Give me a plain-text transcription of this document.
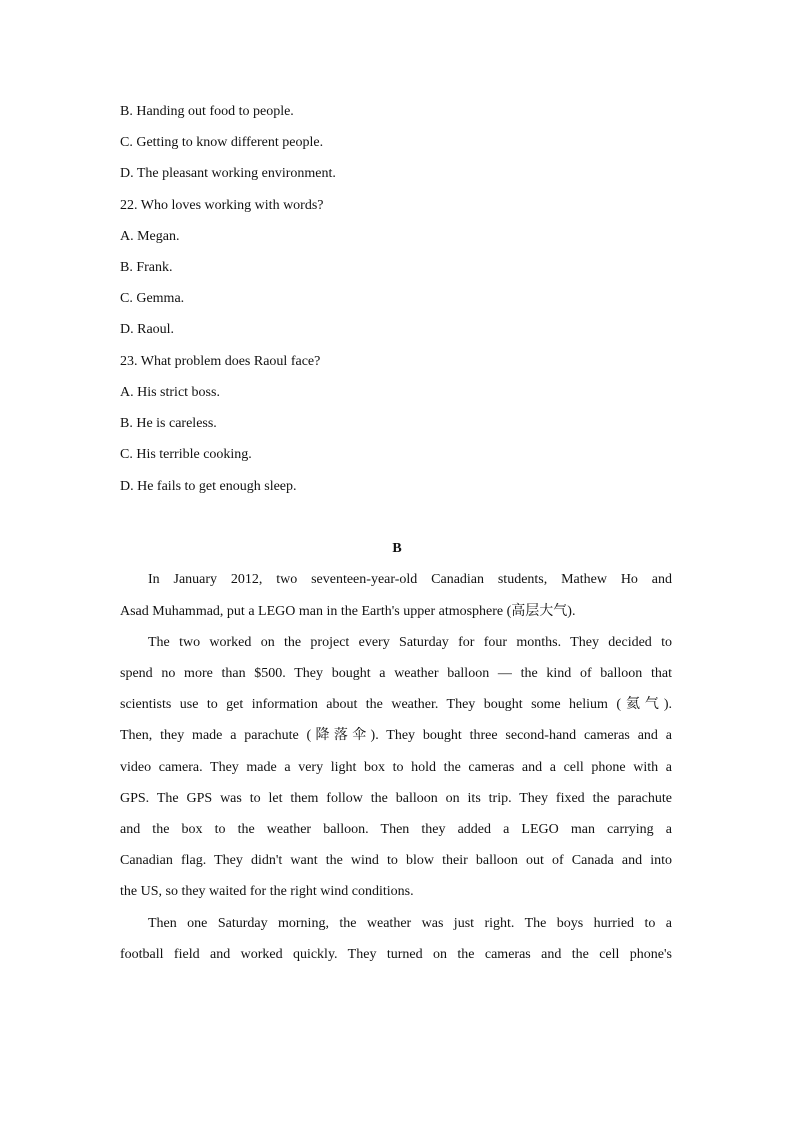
B. Handing out food to people.
C. Getting to know different people.
D. The pleasant working environment.
22. Who loves working with words?
A. Megan.
B. Frank.
C. Gemma.
D. Raoul.
23. What problem does Raoul face?
A. His strict boss.
B. He is careless.
C. His terrible cooking.
D. He fails to get enough sleep.
B
In January 2012, two seventeen-year-old Canadian students, Mathew Ho and
Asad Muhammad, put a LEGO man in the Earth's upper atmosphere (高层大气).
The two worked on the project every Saturday for four months. They decided to
spend no more than $500. They bought a weather balloon — the kind of balloon that
scientists use to get information about the weather. They bought some helium (氦气).
Then, they made a parachute (降落伞). They bought three second-hand cameras and a
video camera. They made a very light box to hold the cameras and a cell phone with a
GPS. The GPS was to let them follow the balloon on its trip. They fixed the parachute
and the box to the weather balloon. Then they added a LEGO man carrying a
Canadian flag. They didn't want the wind to blow their balloon out of Canada and into
the US, so they waited for the right wind conditions.
Then one Saturday morning, the weather was just right. The boys hurried to a
football field and worked quickly. They turned on the cameras and the cell phone's
